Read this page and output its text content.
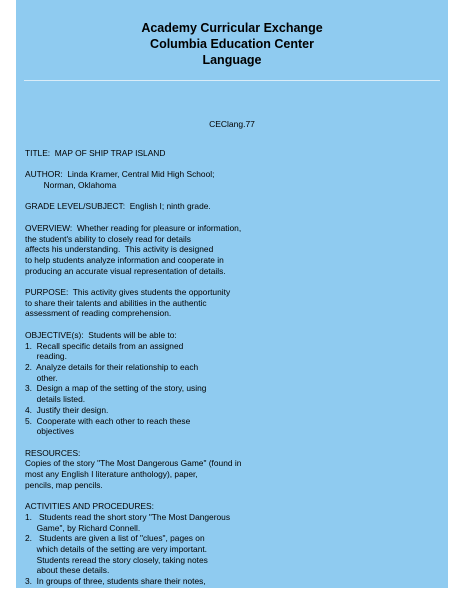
Academy Curricular Exchange
Columbia Education Center
Language
CEClang.77
TITLE:  MAP OF SHIP TRAP ISLAND
AUTHOR:  Linda Kramer, Central Mid High School;
Norman, Oklahoma
GRADE LEVEL/SUBJECT:  English I; ninth grade.
OVERVIEW:  Whether reading for pleasure or information,
the student's ability to closely read for details
affects his understanding.  This activity is designed
to help students analyze information and cooperate in
producing an accurate visual representation of details.
PURPOSE:  This activity gives students the opportunity
to share their talents and abilities in the authentic
assessment of reading comprehension.
OBJECTIVE(s):  Students will be able to:
1.  Recall specific details from an assigned
reading.
2.  Analyze details for their relationship to each
other.
3.  Design a map of the setting of the story, using
details listed.
4.  Justify their design.
5.  Cooperate with each other to reach these
objectives
RESOURCES:
Copies of the story "The Most Dangerous Game" (found in
most any English I literature anthology), paper,
pencils, map pencils.
ACTIVITIES AND PROCEDURES:
1.   Students read the short story "The Most Dangerous
Game", by Richard Connell.
2.   Students are given a list of "clues", pages on
which details of the setting are very important.
Students reread the story closely, taking notes
about these details.
3.  In groups of three, students share their notes,
